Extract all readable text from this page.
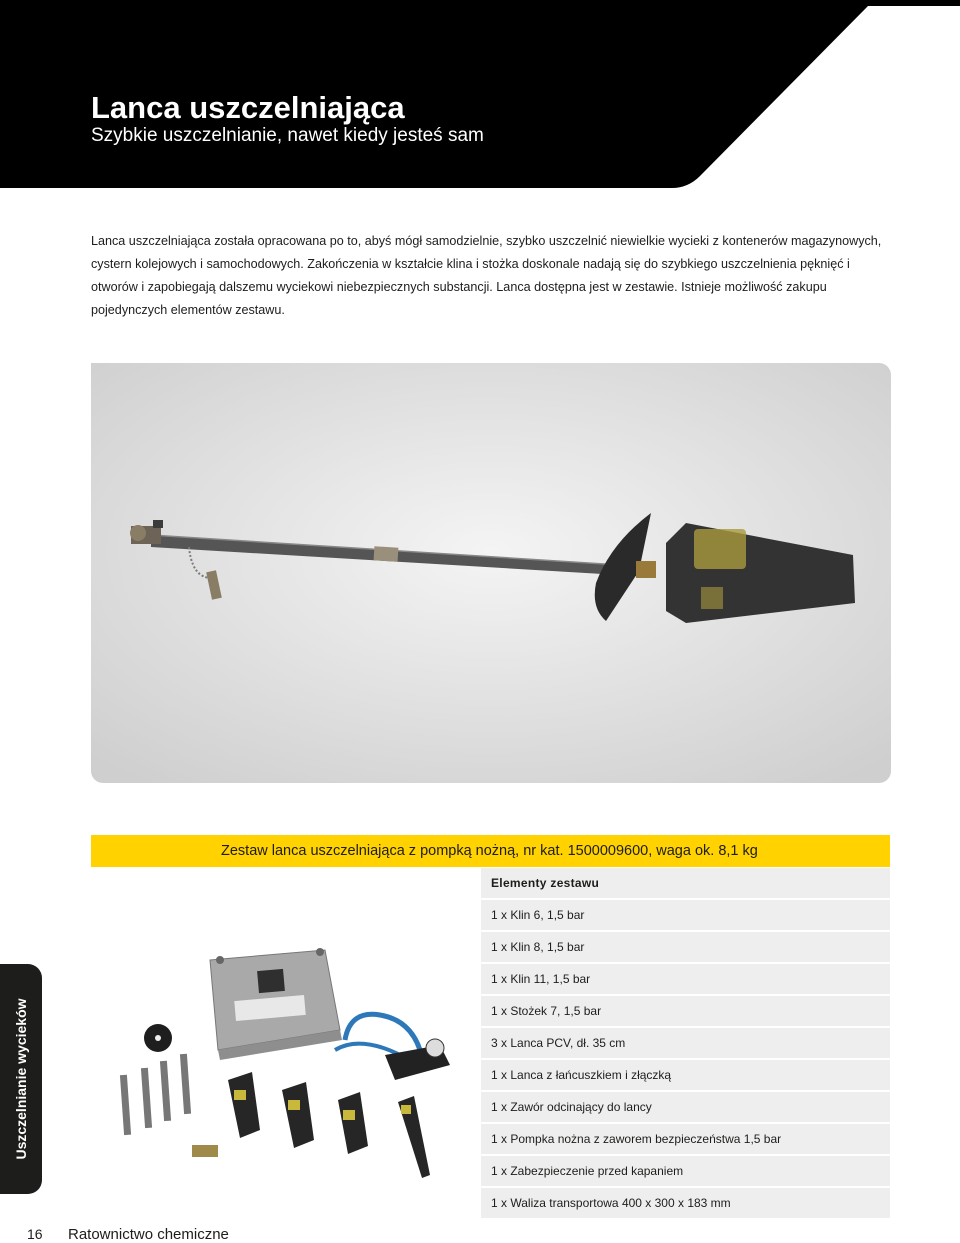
Lanca uszczelniająca

Szybkie uszczelnianie, nawet kiedy jesteś sam

Lanca uszczelniająca została opracowana po to, abyś mógł samodzielnie, szybko uszczelnić niewielkie wycieki z kontenerów magazynowych, cystern kolejowych i samochodowych. Zakończenia w kształcie klina i stożka doskonale nadają się do szybkiego uszczelnienia pęknięć i otworów i zapobiegają dalszemu wyciekowi niebezpiecznych substancji. Lanca dostępna jest w zestawie. Istnieje możliwość zakupu pojedynczych elementów zestawu.

Zestaw lanca uszczelniająca z pompką nożną, nr kat. 1500009600, waga ok. 8,1 kg
Elementy zestawu
1 x Klin 6, 1,5 bar
1 x Klin 8, 1,5 bar
1 x Klin 11, 1,5 bar
1 x Stożek 7, 1,5 bar
3 x Lanca PCV, dł. 35 cm
1 x Lanca z łańcuszkiem i złączką
1 x Zawór odcinający do lancy
1 x Pompka nożna z zaworem bezpieczeństwa 1,5 bar
1 x Zabezpieczenie przed kapaniem
1 x Waliza transportowa 400 x 300 x 183 mm
Uszczelnianie wycieków
16 Ratownictwo chemiczne
